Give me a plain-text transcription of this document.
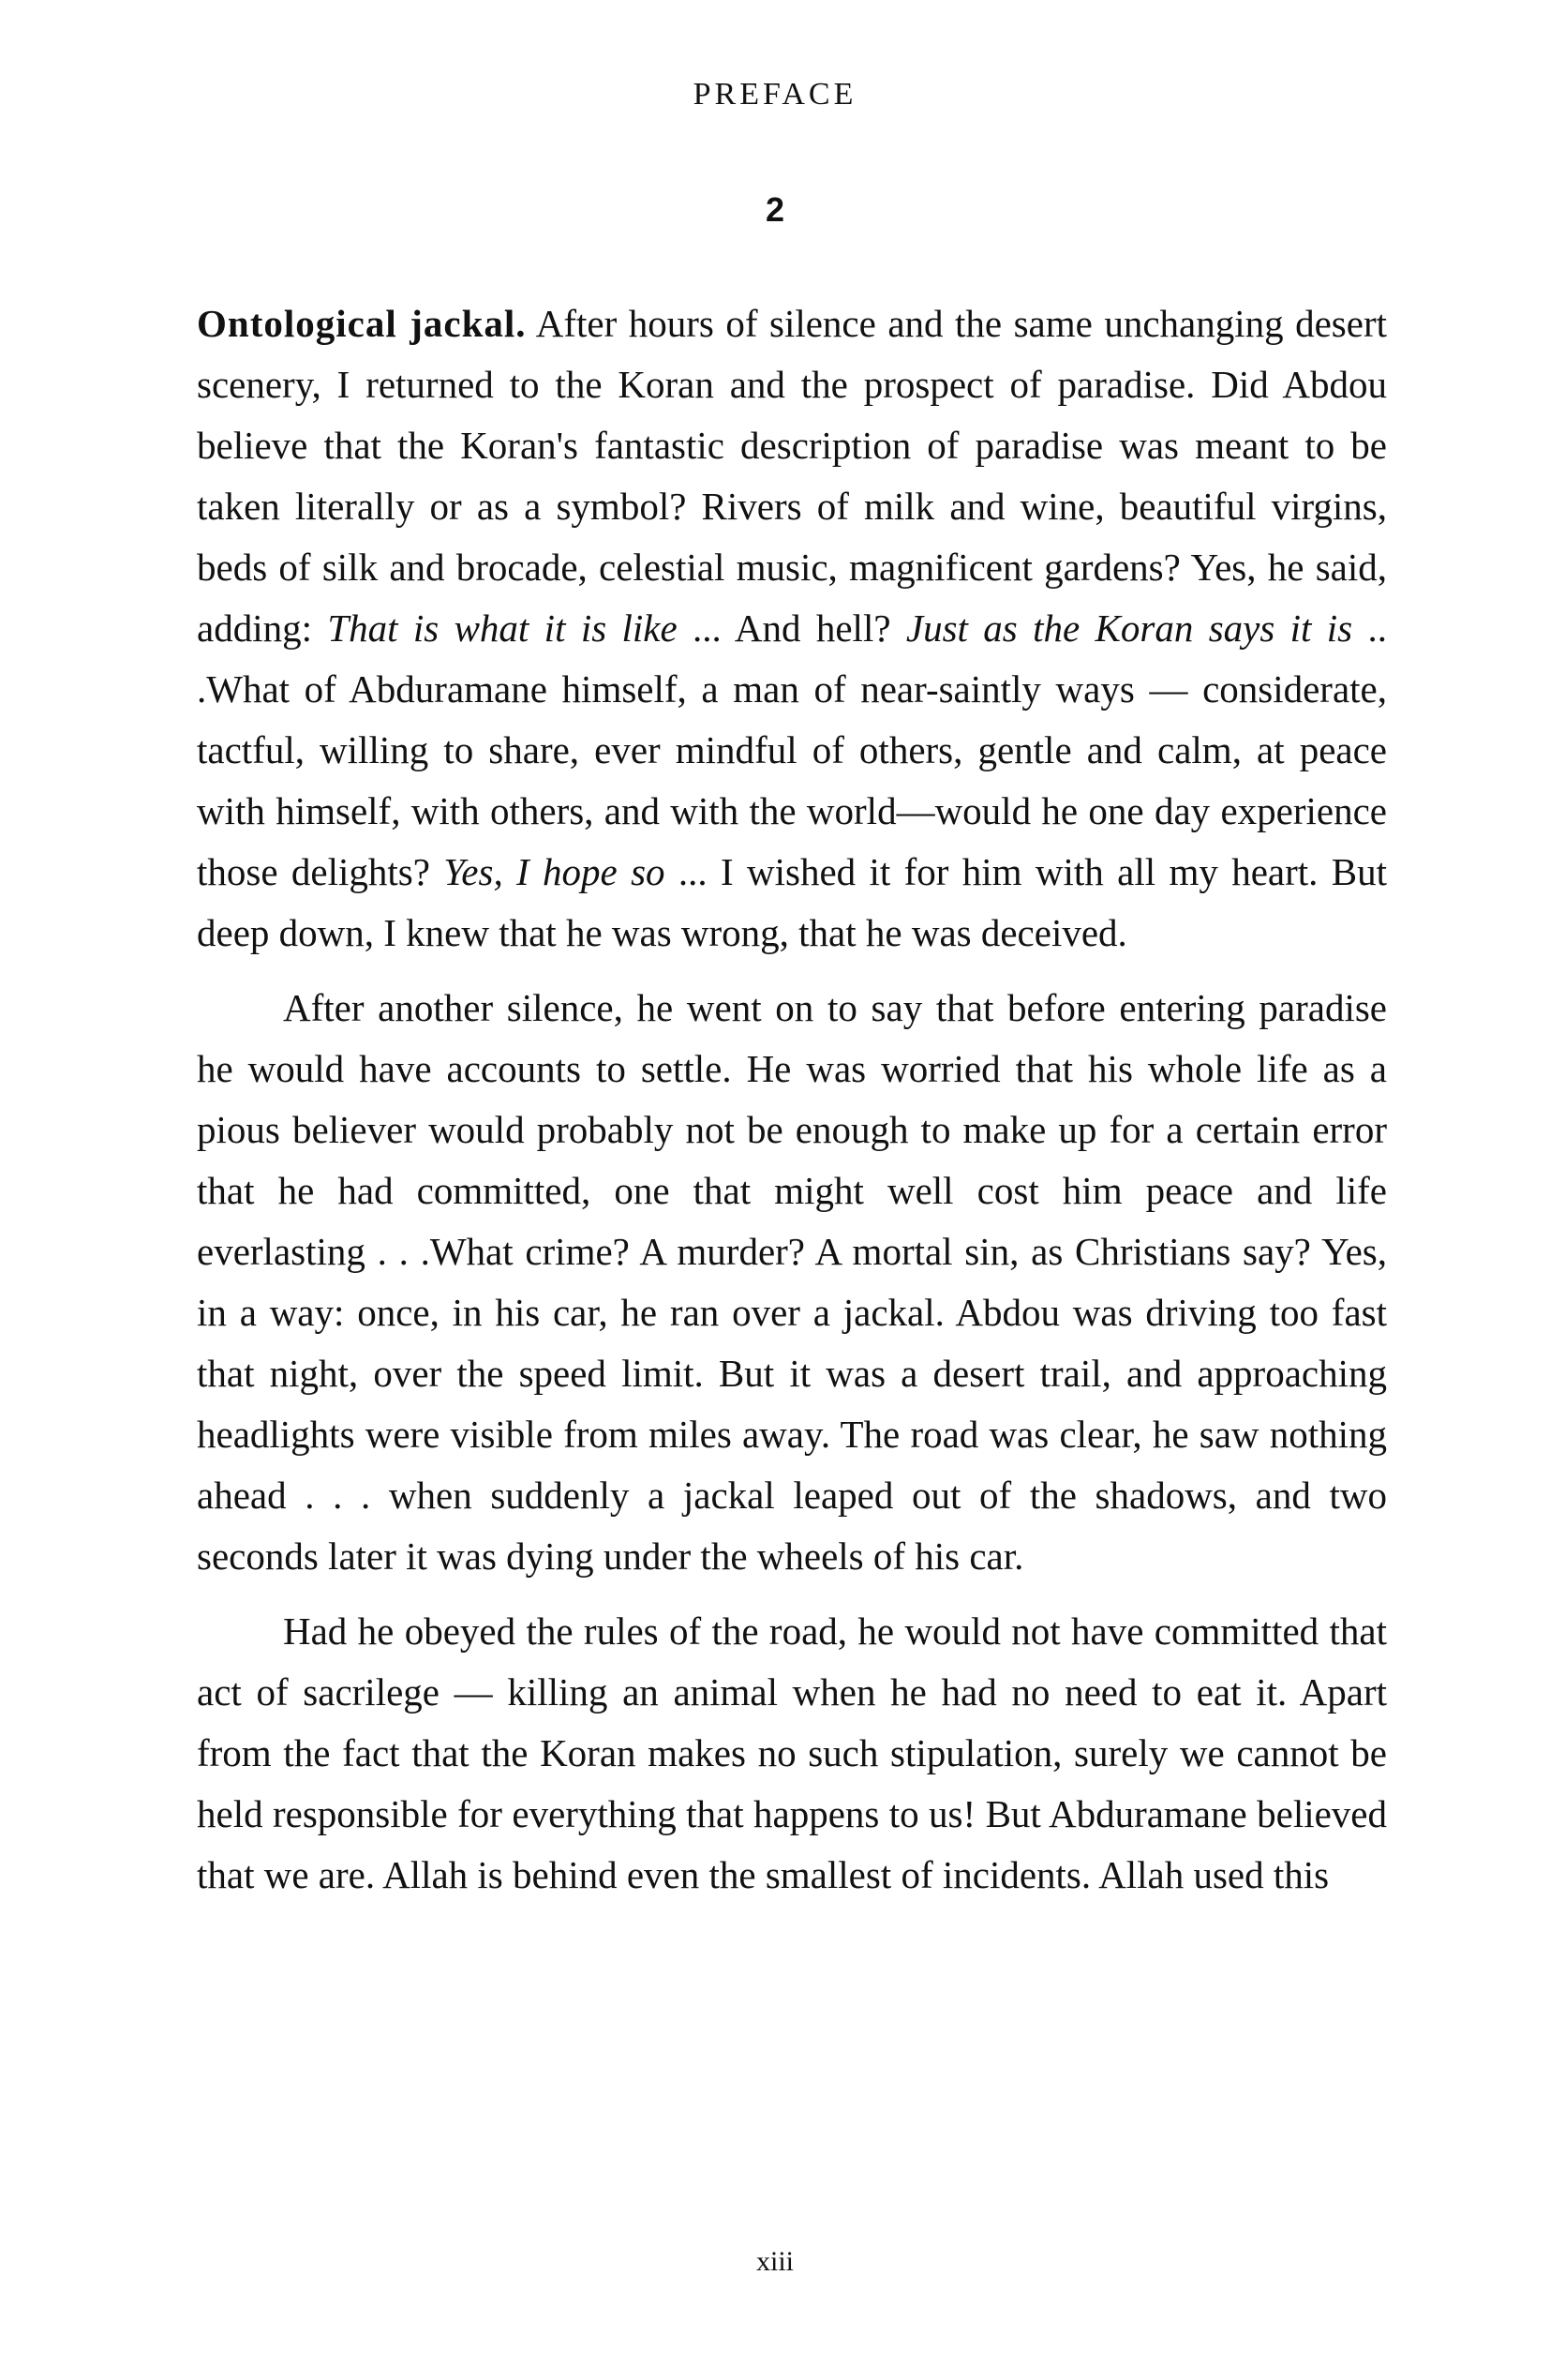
PREFACE
2

Ontological jackal. After hours of silence and the same unchanging desert scenery, I returned to the Koran and the prospect of paradise. Did Abdou believe that the Koran's fantastic description of paradise was meant to be taken literally or as a symbol? Rivers of milk and wine, beautiful virgins, beds of silk and brocade, celestial music, magnificent gardens? Yes, he said, adding: That is what it is like ... And hell? Just as the Koran says it is .. .What of Abduramane himself, a man of near-saintly ways — considerate, tactful, willing to share, ever mindful of others, gentle and calm, at peace with himself, with others, and with the world—would he one day experience those delights? Yes, I hope so ... I wished it for him with all my heart. But deep down, I knew that he was wrong, that he was deceived.

After another silence, he went on to say that before entering paradise he would have accounts to settle. He was worried that his whole life as a pious believer would probably not be enough to make up for a certain error that he had committed, one that might well cost him peace and life everlasting . . .What crime? A murder? A mortal sin, as Christians say? Yes, in a way: once, in his car, he ran over a jackal. Abdou was driving too fast that night, over the speed limit. But it was a desert trail, and approaching headlights were visible from miles away. The road was clear, he saw nothing ahead . . . when suddenly a jackal leaped out of the shadows, and two seconds later it was dying under the wheels of his car.

Had he obeyed the rules of the road, he would not have committed that act of sacrilege — killing an animal when he had no need to eat it. Apart from the fact that the Koran makes no such stipulation, surely we cannot be held responsible for everything that happens to us! But Abduramane believed that we are. Allah is behind even the smallest of incidents. Allah used this

xiii
